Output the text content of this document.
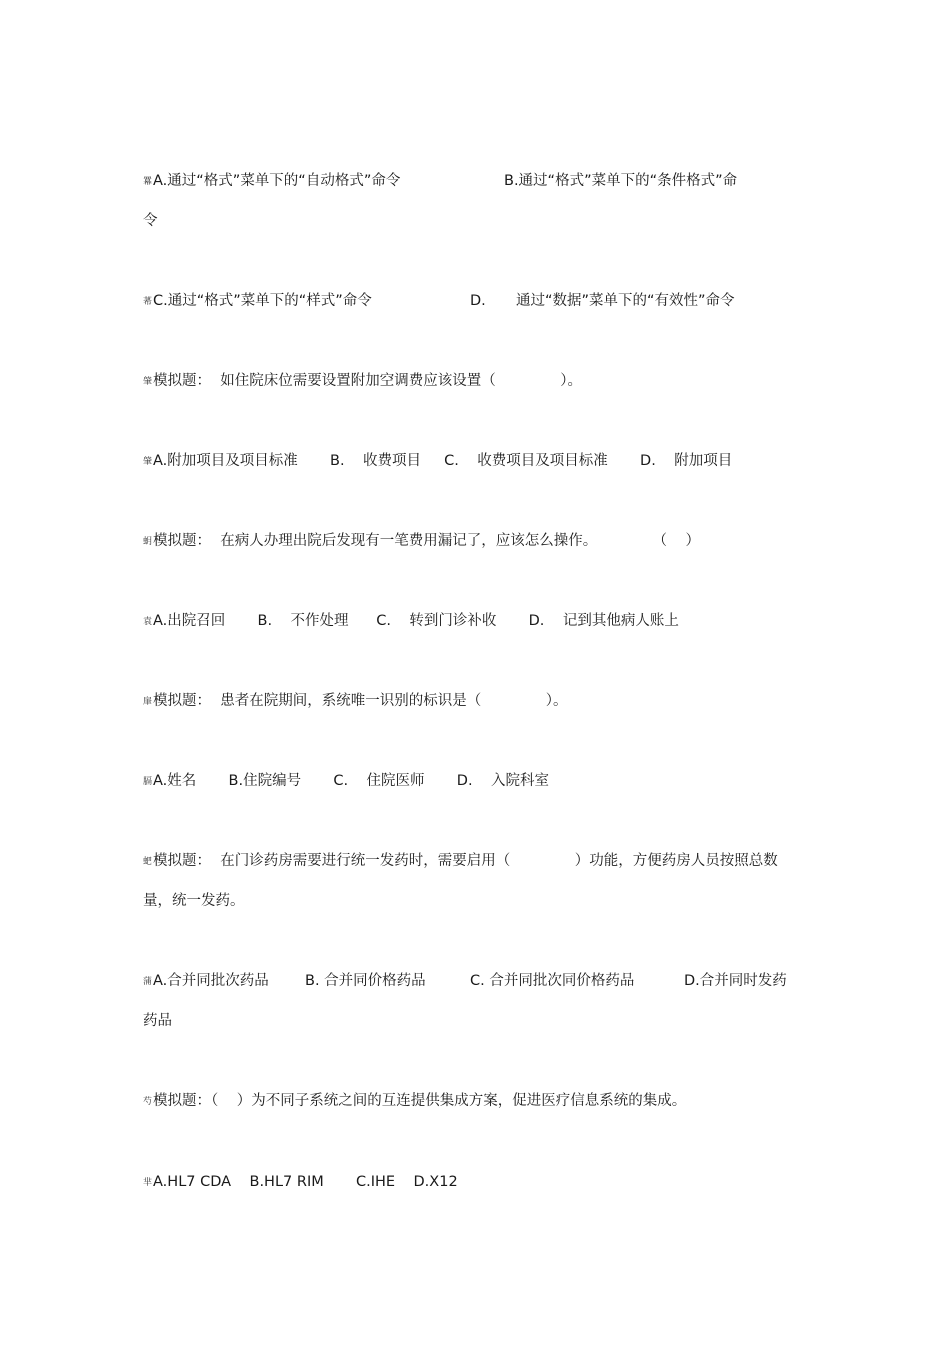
羃A.通过“格式”菜单下的“自动格式”命令	B.通过“格式”菜单下的“条件格式”命
令
莃C.通过“格式”菜单下的“样式”命令	D. 通过“数据”菜单下的“有效性”命令
肇模拟题：  如住院床位需要设置附加空调费应该设置（              ）。
肇A.附加项目及项目标准       B.    收费项目     C.    收费项目及项目标准       D.    附加项目
蚏模拟题：  在病人办理出院后发现有一笔费用漏记了，应该怎么操作。            （    ）
袁A.出院召回       B.    不作处理      C.    转到门诊补收       D.    记到其他病人账上
肁模拟题：  患者在院期间，系统唯一识别的标识是（              ）。
膈A.姓名       B.住院编号       C.    住院医师       D.    入院科室
蚆模拟题：  在门诊药房需要进行统一发药时，需要启用（              ）功能，方便药房人员按照总数
量，统一发药。
蒲A.合并同批次药品 B. 合并同价格药品	C. 合并同批次同价格药品	D.合并同时发药
药品
芍模拟题：（    ）为不同子系统之间的互连提供集成方案，促进医疗信息系统的集成。
芈A.HL7 CDA    B.HL7 RIM       C.IHE    D.X12
